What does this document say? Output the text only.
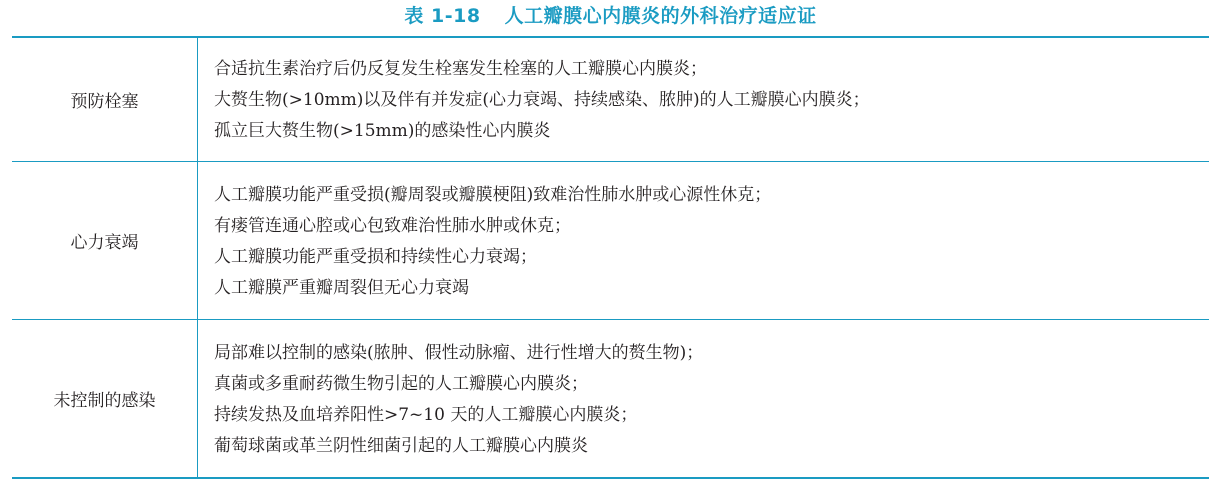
表 1-18 人工瓣膜心内膜炎的外科治疗适应证
预防栓塞	合适抗生素治疗后仍反复发生栓塞发生栓塞的人工瓣膜心内膜炎；
大赘生物(>10mm)以及伴有并发症(心力衰竭、持续感染、脓肿)的人工瓣膜心内膜炎；
孤立巨大赘生物(>15mm)的感染性心内膜炎

心力衰竭	人工瓣膜功能严重受损(瓣周裂或瓣膜梗阻)致难治性肺水肿或心源性休克；
有瘘管连通心腔或心包致难治性肺水肿或休克；
人工瓣膜功能严重受损和持续性心力衰竭；
人工瓣膜严重瓣周裂但无心力衰竭

未控制的感染	局部难以控制的感染(脓肿、假性动脉瘤、进行性增大的赘生物)；
真菌或多重耐药微生物引起的人工瓣膜心内膜炎；
持续发热及血培养阳性>7~10 天的人工瓣膜心内膜炎；
葡萄球菌或革兰阴性细菌引起的人工瓣膜心内膜炎
